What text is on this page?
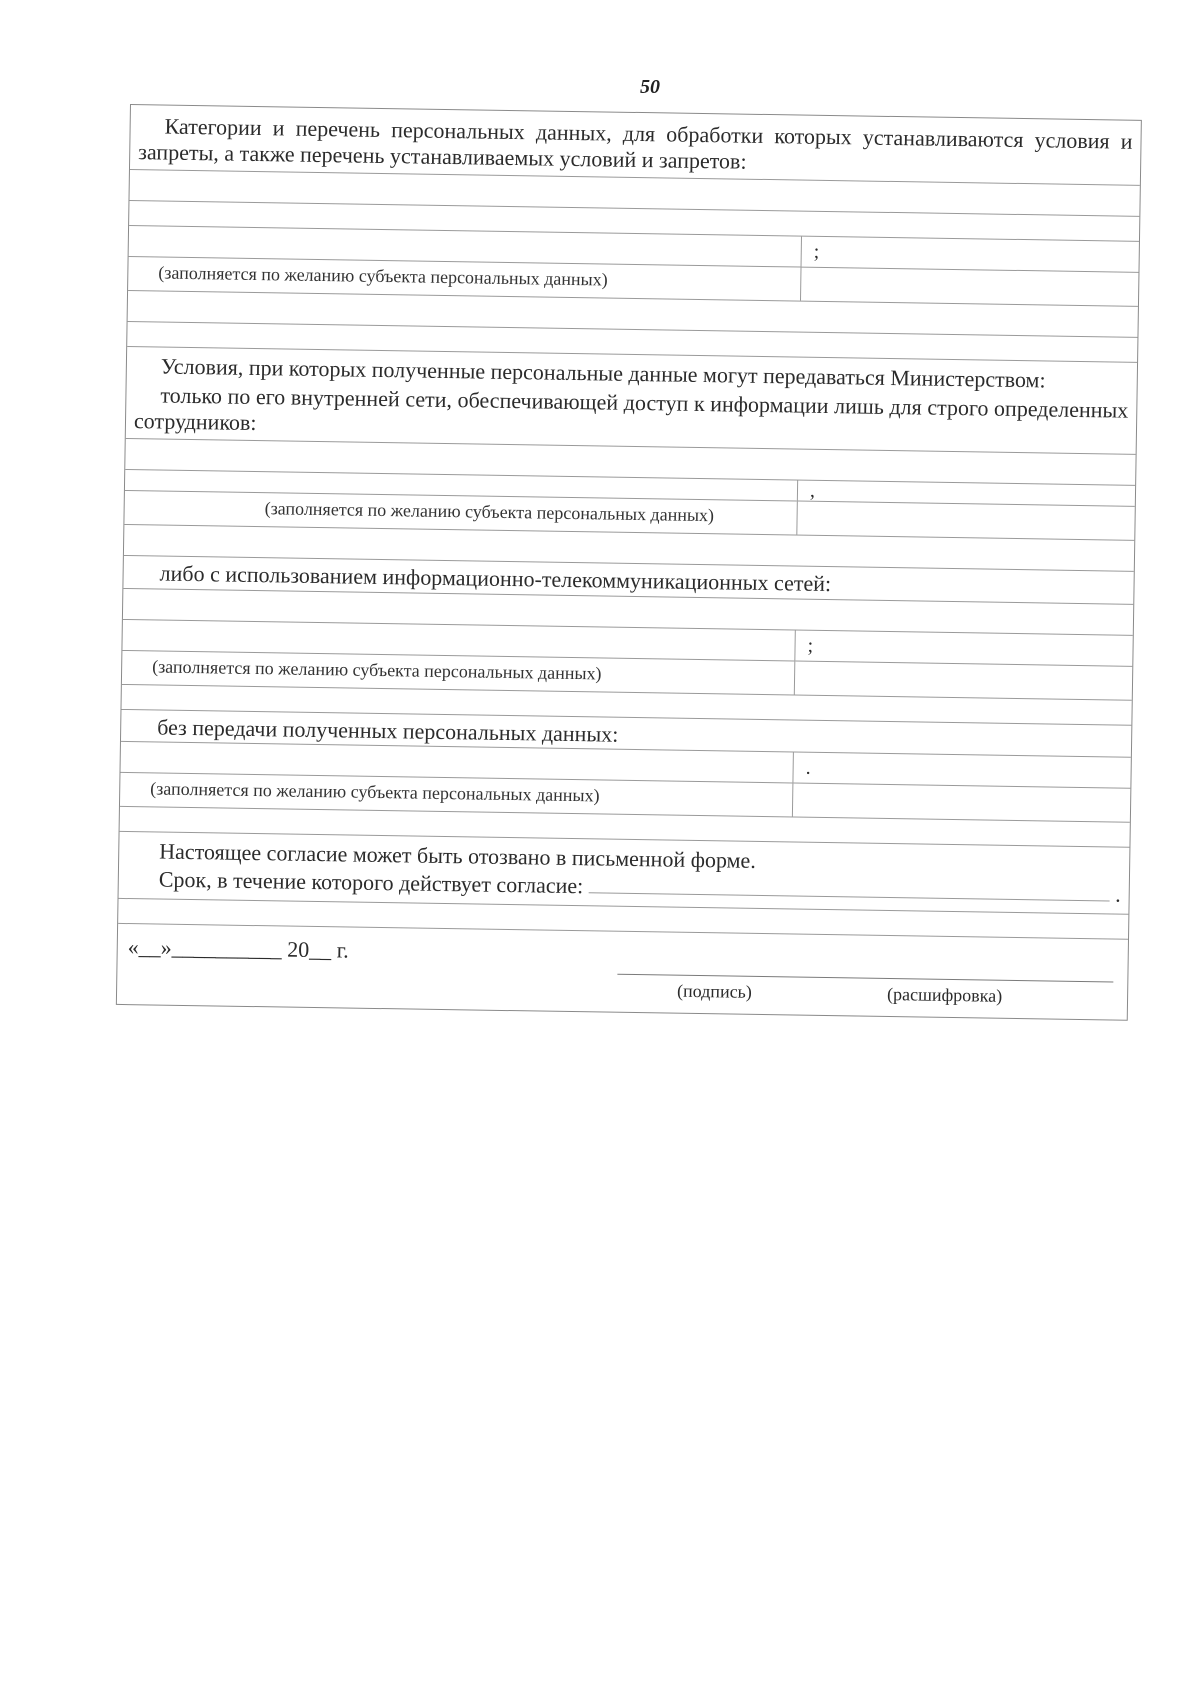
50
Категории и перечень персональных данных, для обработки которых устанавливаются условия и запреты, а также перечень устанавливаемых условий и запретов:
(заполняется по желанию субъекта персональных данных)
;
Условия, при которых полученные персональные данные могут передаваться Министерством:
только по его внутренней сети, обеспечивающей доступ к информации лишь для строго определенных сотрудников:
(заполняется по желанию субъекта персональных данных)
,
либо с использованием информационно-телекоммуникационных сетей:
(заполняется по желанию субъекта персональных данных)
;
без передачи полученных персональных данных:
(заполняется по желанию субъекта персональных данных)
.
Настоящее согласие может быть отозвано в письменной форме.
Срок, в течение которого действует согласие:	.
«__»__________ 20__ г.
(подпись)	(расшифровка)
